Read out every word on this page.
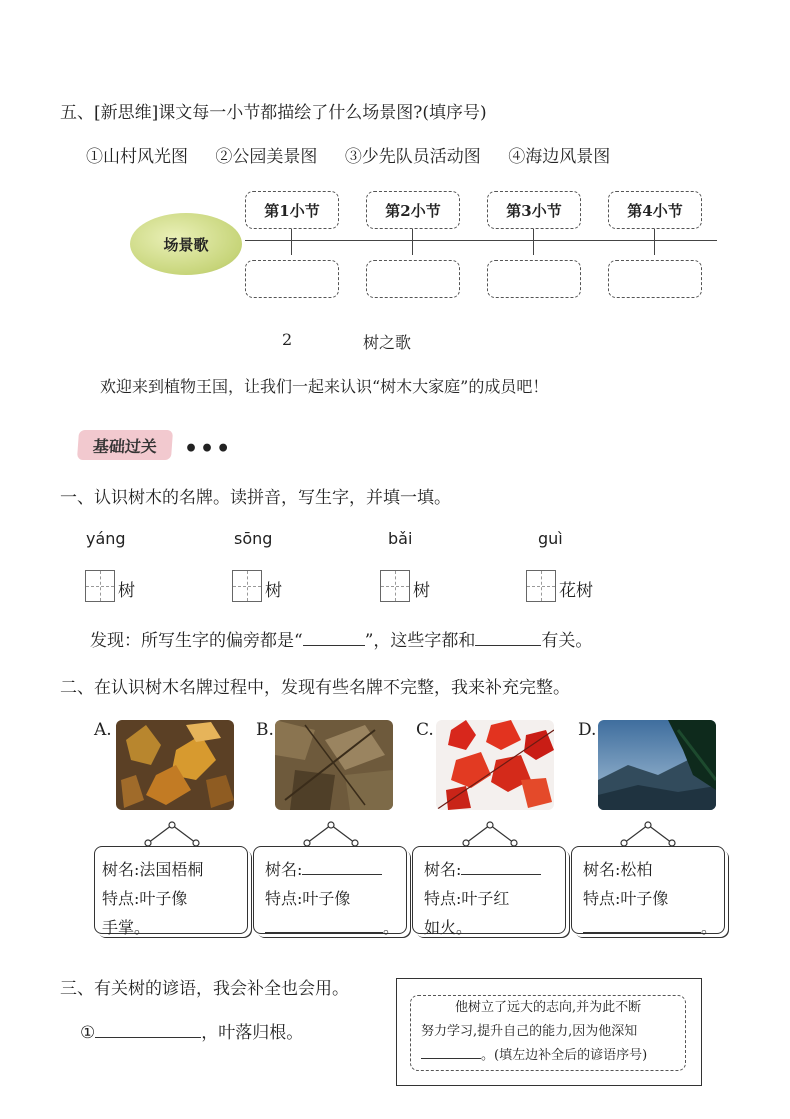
五、[新思维]课文每一小节都描绘了什么场景图?(填序号)
①山村风光图 ②公园美景图 ③少先队员活动图 ④海边风景图
场景歌
第1小节	第2小节	第3小节	第4小节
2	树之歌
欢迎来到植物王国，让我们一起来认识“树木大家庭”的成员吧！
基础过关	•••
一、认识树木的名牌。读拼音，写生字，并填一填。
yáng	sōng	bǎi	guì
树	树	树	花树
发现：所写生字的偏旁都是“	”，这些字都和	有关。
二、在认识树木名牌过程中，发现有些名牌不完整，我来补充完整。
A.	B.	C.	D.
树名:法国梧桐
特点:叶子像
手掌。
树名:
特点:叶子像
。
树名:
特点:叶子红
如火。
树名:松柏
特点:叶子像
。
三、有关树的谚语，我会补全也会用。
①	，叶落归根。
他树立了远大的志向,并为此不断
努力学习,提升自己的能力,因为他深知
。(填左边补全后的谚语序号)
